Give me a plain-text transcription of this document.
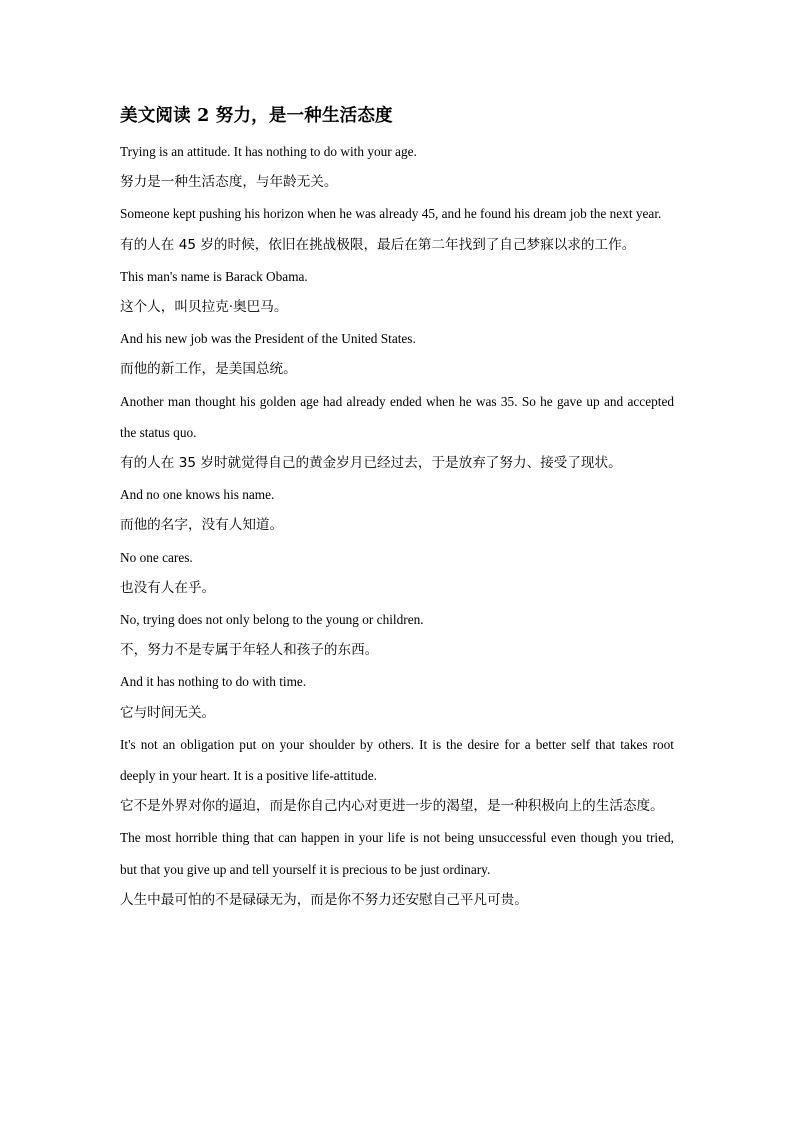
美文阅读 2 努力，是一种生活态度

Trying is an attitude. It has nothing to do with your age.

努力是一种生活态度，与年龄无关。

Someone kept pushing his horizon when he was already 45, and he found his dream job the next year.

有的人在 45 岁的时候，依旧在挑战极限，最后在第二年找到了自己梦寐以求的工作。

This man's name is Barack Obama.

这个人，叫贝拉克·奥巴马。

And his new job was the President of the United States.

而他的新工作，是美国总统。

Another man thought his golden age had already ended when he was 35. So he gave up and accepted the status quo.

有的人在 35 岁时就觉得自己的黄金岁月已经过去，于是放弃了努力、接受了现状。

And no one knows his name.

而他的名字，没有人知道。

No one cares.

也没有人在乎。

No, trying does not only belong to the young or children.

不，努力不是专属于年轻人和孩子的东西。

And it has nothing to do with time.

它与时间无关。

It's not an obligation put on your shoulder by others. It is the desire for a better self that takes root deeply in your heart. It is a positive life-attitude.

它不是外界对你的逼迫，而是你自己内心对更进一步的渴望，是一种积极向上的生活态度。

The most horrible thing that can happen in your life is not being unsuccessful even though you tried, but that you give up and tell yourself it is precious to be just ordinary.

人生中最可怕的不是碌碌无为，而是你不努力还安慰自己平凡可贵。
